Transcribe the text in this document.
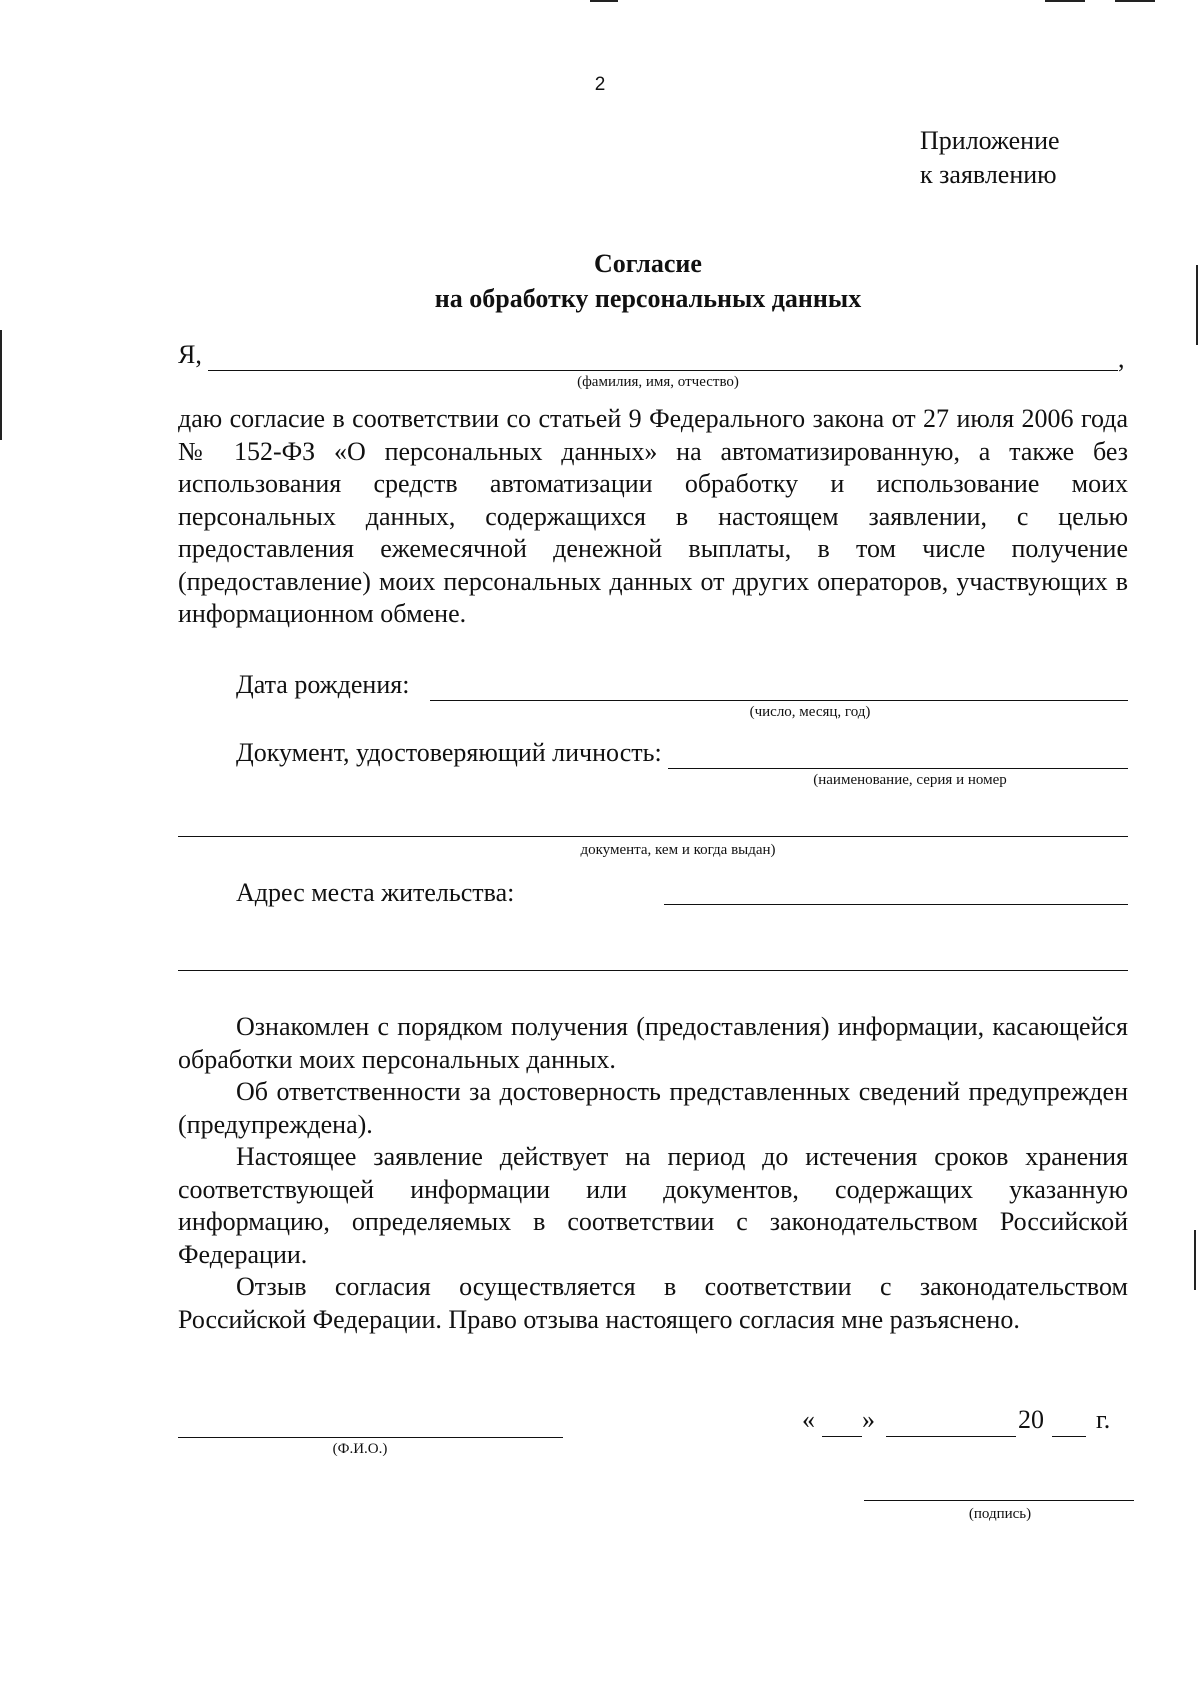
2
Приложение
к заявлению
Согласие
на обработку персональных данных
Я,	,
(фамилия, имя, отчество)
даю согласие в соответствии со статьей 9 Федерального закона от 27 июля 2006 года № 152-ФЗ «О персональных данных» на автоматизированную, а также без использования средств автоматизации обработку и использование моих персональных данных, содержащихся в настоящем заявлении, с целью предоставления ежемесячной денежной выплаты, в том числе получение (предоставление) моих персональных данных от других операторов, участвующих в информационном обмене.
Дата рождения:
(число, месяц, год)
Документ, удостоверяющий личность:
(наименование, серия и номер
документа, кем и когда выдан)
Адрес места жительства:
Ознакомлен с порядком получения (предоставления) информации, касающейся обработки моих персональных данных.
Об ответственности за достоверность представленных сведений предупрежден (предупреждена).
Настоящее заявление действует на период до истечения сроков хранения соответствующей информации или документов, содержащих указанную информацию, определяемых в соответствии с законодательством Российской Федерации.
Отзыв согласия осуществляется в соответствии с законодательством Российской Федерации. Право отзыва настоящего согласия мне разъяснено.
(Ф.И.О.)
« »	20 г.
(подпись)
